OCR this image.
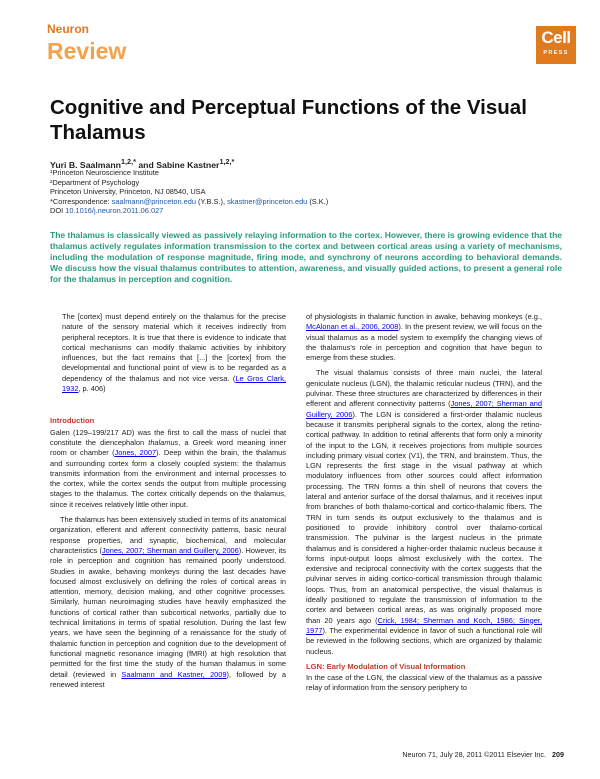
Neuron
Review
Cell
PRESS
Cognitive and Perceptual Functions of the Visual Thalamus
Yuri B. Saalmann$^{1,2,*}$ and Sabine Kastner$^{1,2,*}$
¹Princeton Neuroscience Institute
²Department of Psychology
Princeton University, Princeton, NJ 08540, USA
*Correspondence: saalmann@princeton.edu (Y.B.S.), skastner@princeton.edu (S.K.)
DOI 10.1016/j.neuron.2011.06.027

The thalamus is classically viewed as passively relaying information to the cortex. However, there is growing evidence that the thalamus actively regulates information transmission to the cortex and between cortical areas using a variety of mechanisms, including the modulation of response magnitude, firing mode, and synchrony of neurons according to behavioral demands. We discuss how the visual thalamus contributes to attention, awareness, and visually guided actions, to present a general role for the thalamus in perception and cognition.

The [cortex] must depend entirely on the thalamus for the precise nature of the sensory material which it receives indirectly from peripheral receptors. It is true that there is evidence to indicate that cortical mechanisms can modify thalamic activities by inhibitory influences, but the fact remains that [...] the [cortex] from the developmental and functional point of view is to be regarded as a dependency of the thalamus and not vice versa. (Le Gros Clark, 1932, p. 406)

Introduction

Galen (129–199/217 AD) was the first to call the mass of nuclei that constitute the diencephalon thalamus, a Greek word meaning inner room or chamber (Jones, 2007). Deep within the brain, the thalamus and surrounding cortex form a closely coupled system: the thalamus transmits information from the environment and internal processes to the cortex, while the cortex sends the output from multiple processing stages to the thalamus. The cortex critically depends on the thalamus, since it receives relatively little other input.

The thalamus has been extensively studied in terms of its anatomical organization, efferent and afferent connectivity patterns, basic neural response properties, and synaptic, biochemical, and molecular characteristics (Jones, 2007; Sherman and Guillery, 2006). However, its role in perception and cognition has remained poorly understood. Studies in awake, behaving monkeys during the last decades have focused almost exclusively on defining the roles of cortical areas in attention, memory, decision making, and other cognitive processes. Similarly, human neuroimaging studies have heavily emphasized the functions of cortical rather than subcortical networks, partially due to technical limitations in terms of spatial resolution. During the last few years, we have seen the beginning of a renaissance for the study of thalamic function in perception and cognition due to the development of functional magnetic resonance imaging (fMRI) at high resolution that permitted for the first time the study of the human thalamus in some detail (reviewed in Saalmann and Kastner, 2009), followed by a renewed interest

of physiologists in thalamic function in awake, behaving monkeys (e.g., McAlonan et al., 2006, 2008). In the present review, we will focus on the visual thalamus as a model system to exemplify the changing views of the thalamus's role in perception and cognition that have begun to emerge from these studies.

The visual thalamus consists of three main nuclei, the lateral geniculate nucleus (LGN), the thalamic reticular nucleus (TRN), and the pulvinar. These three structures are characterized by differences in their efferent and afferent connectivity patterns (Jones, 2007; Sherman and Guillery, 2006). The LGN is considered a first-order thalamic nucleus because it transmits peripheral signals to the cortex, along the retino-cortical pathway. In addition to retinal afferents that form only a minority of the input to the LGN, it receives projections from multiple sources including primary visual cortex (V1), the TRN, and brainstem. Thus, the LGN represents the first stage in the visual pathway at which modulatory influences from other sources could affect information processing. The TRN forms a thin shell of neurons that covers the lateral and anterior surface of the dorsal thalamus, and it receives input from branches of both thalamo-cortical and cortico-thalamic fibers. The TRN in turn sends its output exclusively to the thalamus and is positioned to provide inhibitory control over thalamo-cortical transmission. The pulvinar is the largest nucleus in the primate thalamus and is considered a higher-order thalamic nucleus because it forms input-output loops almost exclusively with the cortex. The extensive and reciprocal connectivity with the cortex suggests that the pulvinar serves in aiding cortico-cortical transmission through thalamic loops. Thus, from an anatomical perspective, the visual thalamus is ideally positioned to regulate the transmission of information to the cortex and between cortical areas, as was originally proposed more than 20 years ago (Crick, 1984; Sherman and Koch, 1986; Singer, 1977). The experimental evidence in favor of such a functional role will be reviewed in the following sections, which are organized by thalamic nucleus.

LGN: Early Modulation of Visual Information

In the case of the LGN, the classical view of the thalamus as a passive relay of information from the sensory periphery to

Neuron 71, July 28, 2011 ©2011 Elsevier Inc. 209
